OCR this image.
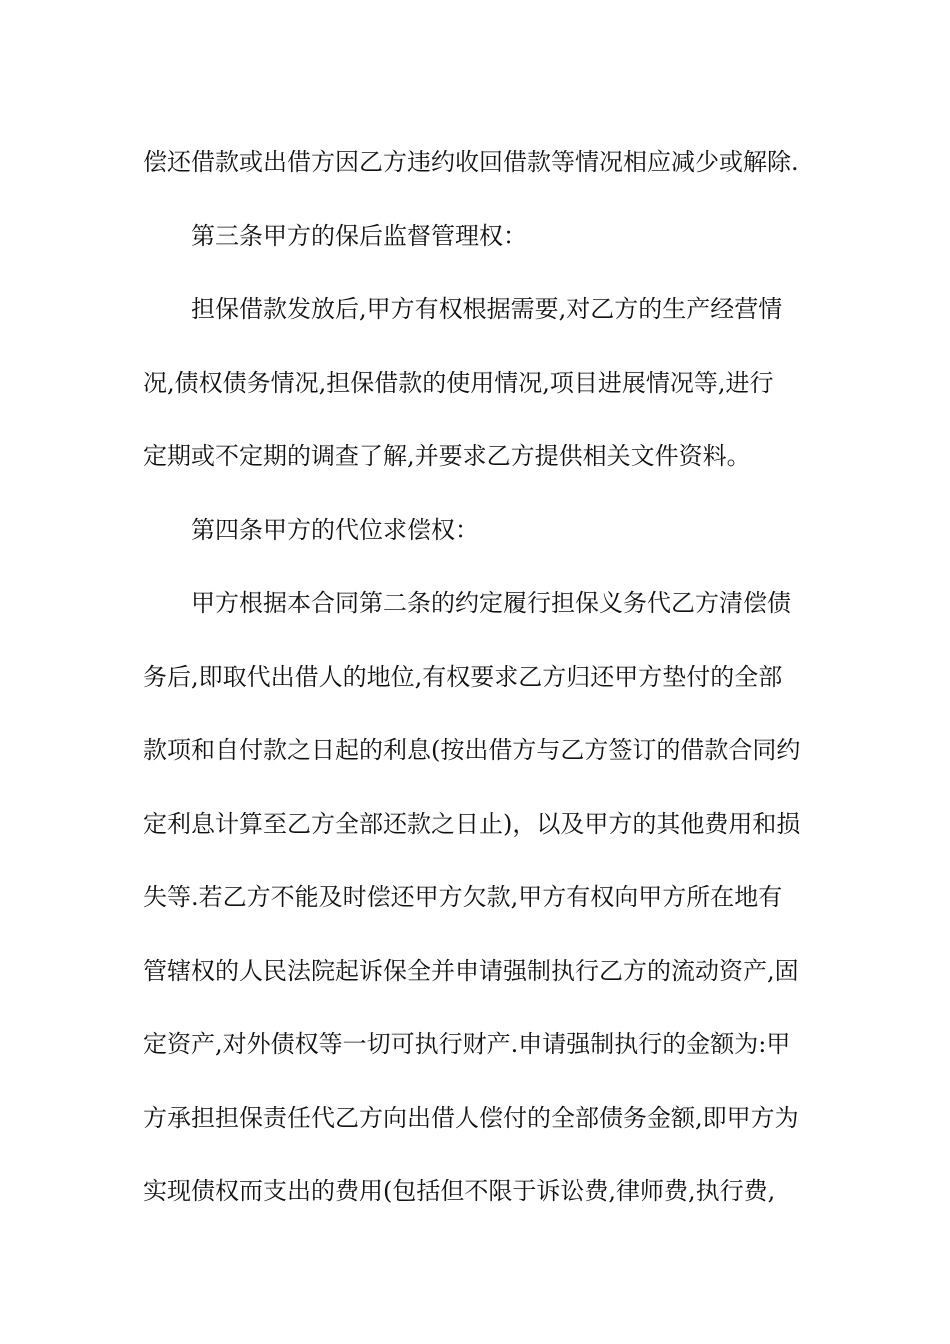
偿还借款或出借方因乙方违约收回借款等情况相应减少或解除.
第三条甲方的保后监督管理权：
担保借款发放后,甲方有权根据需要,对乙方的生产经营情
况,债权债务情况,担保借款的使用情况,项目进展情况等,进行
定期或不定期的调查了解,并要求乙方提供相关文件资料。
第四条甲方的代位求偿权：
甲方根据本合同第二条的约定履行担保义务代乙方清偿债
务后,即取代出借人的地位,有权要求乙方归还甲方垫付的全部
款项和自付款之日起的利息(按出借方与乙方签订的借款合同约
定利息计算至乙方全部还款之日止)，以及甲方的其他费用和损
失等.若乙方不能及时偿还甲方欠款,甲方有权向甲方所在地有
管辖权的人民法院起诉保全并申请强制执行乙方的流动资产,固
定资产,对外债权等一切可执行财产.申请强制执行的金额为:甲
方承担担保责任代乙方向出借人偿付的全部债务金额,即甲方为
实现债权而支出的费用(包括但不限于诉讼费,律师费,执行费,
